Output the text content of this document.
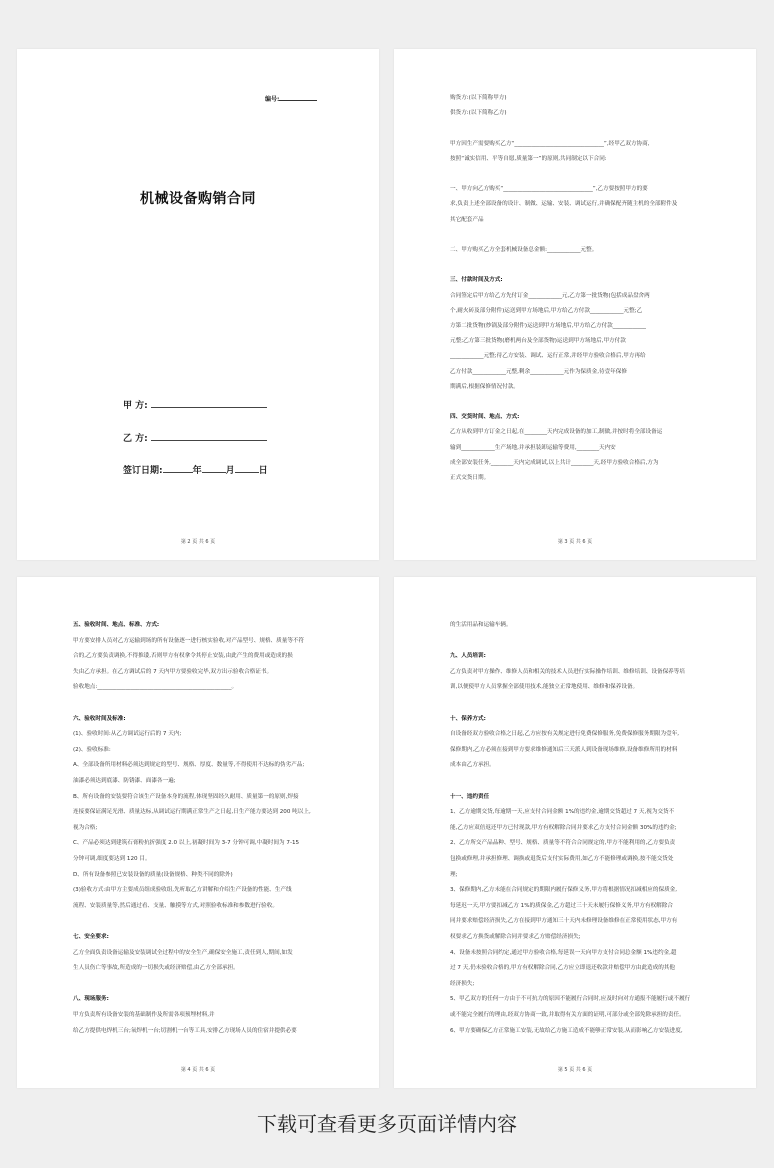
编号:
机械设备购销合同
甲 方:
乙 方:
签订日期:	年	月	日
第 2 页 共 6 页
购货方:(以下简称甲方)
供货方:(以下简称乙方)
甲方因生产需要购买乙方“________________________________”,经甲乙双方协商,
按照“诚实信用、平等自愿,质量第一”的原则,共同制定以下合同:
一、甲方向乙方购买“________________________________”,乙方要按照甲方的要
求,负责上述全部设备的设计、制做、运输、安装、调试运行,并确保配齐随主机的全部附件及
其它配套产品
二、甲方购买乙方全套机械设备总金额:____________元整。
三、付款时间及方式:
合同签定后甲方给乙方先付订金____________元,乙方第一批货物(包括成品盘舍两
个,耐火砖及部分附件)运送到甲方场地后,甲方给乙方付款____________元整;乙
方第二批货物(炒锅及部分附件)运送到甲方场地后,甲方给乙方付款____________
元整;乙方第三批货物(磨机两台及全部货物)运送到甲方场地后,甲方付款
____________元整;待乙方安装、调试、运行正常,并经甲方验收合格后,甲方再给
乙方付款____________元整,剩余____________元作为保质金,待壹年保修
期满后,根据保修情况付款。
四、交货时间、地点、方式:
乙方从收到甲方订金之日起,在________天内完成设备的加工,制做,并按时将全部设备运
输到____________生产场地,并承担装卸运输等费用,________天内安
成全部安装任务,________天内完成调试,以上共计________天,经甲方验收合格后,方为
正式交货日期。
第 3 页 共 6 页
五、验收时间、地点、标准、方式:
甲方要安排人员对乙方运输到场的所有设备逐一进行核实验收,对产品型号、规格、质量等不符
合的,乙方要负责调换,不得推诿,否则甲方有权拿令其停止安装,由此产生的费用或造成的损
失由乙方承担。在乙方调试后的 7 天内甲方要验收完毕,双方出示验收合格证书。
验收地点:________________________________________________。
六、验收时间及标准:
(1)、验收时间:从乙方调试运行后的 7 天内;
(2)、验收标准:
A、全部设备所用材料必须达到规定的型号、规格、厚度、数量等,不得使用不达标的伪劣产品;
油漆必须达到底漆、防锈漆、面漆各一遍;
B、所有设备的安装要符合该生产设备本身的流程,体现坚固经久耐用、质量第一的原则,焊接
连接要保证满足光滑、质量达标,从调试运行期满正常生产之日起,日生产能力要达到 200 吨以上,
视为合格;
C、产品必须达到建筑石膏粉抗折强度 2.0 以上,初凝时间为 3-7 分钟可调,中凝时间为 7-15
分钟可调,细度要达到 120 目。
D、所有设备参照已安装设备的质量(设备规格、种类不同的除外)
(3)验收方式:由甲方主要成员组成验收组,先听取乙方讲解和介绍生产设备的性能、生产线
流程、安装质量等,然后通过看、支量、触摸等方式,对照验收标准和参数进行验收。
七、安全要求:
乙方全面负责设备运输及安装调试全过程中的安全生产,确保安全施工,责任到人,期间,如发
生人员伤亡等事故,所造成的一切损失或经济赔偿,由乙方全部承担。
八、现场服务:
甲方负责所有设备安装的基础制作及所需各项预埋材料,并
给乙方提供电焊机三台;氧焊机一台;切割机一台等工具,安排乙方现场人员的住宿并提供必要
第 4 页 共 6 页
的生活用品和运输车辆。
九、人员培训:
乙方负责对甲方操作、维修人员和相关的技术人员进行实际操作培训、维修培训、设备保养等培
训,以便使甲方人员掌握全部使用技术,能独立正常地使用、维修和保养设备。
十、保养方式:
自设备经双方验收合格之日起,乙方应按有关规定进行免费保修服务,免费保修服务期限为壹年,
保修期内,乙方必须在接到甲方要求维修通知后三天派人到设备现场维修,设备维修所用的材料
成本由乙方承担。
十一、违约责任
1、乙方逾期交货,每逾期一天,应支付合同金额 1%的违约金,逾期交货超过 7 天,视为交货不
能,乙方应双倍返还甲方已付现款,甲方有权解除合同并要求乙方支付合同金额 30%的违约金;
2、乙方所交产品品种、型号、规格、质量等不符合合同规定的,甲方不能利用的,乙方要负责
包换或修理,并承担修理、调换或退货后支付实际费用,如乙方不能修理或调换,按不能交货处
理;
3、保修期内,乙方未能在合同规定的期限内履行保修义务,甲方将根据情况扣减相应的保质金,
每延迟一天,甲方要扣减乙方 1%的质保金,乙方超过三十天未履行保修义务,甲方有权解除合
同并要求赔偿经济损失,乙方在接到甲方通知三十天内未修理设备维修在正常使用状态,甲方有
权要求乙方换货或解除合同并要求乙方赔偿经济损失;
4、设备未按照合同约定,通过甲方验收合格,每延误一天向甲方支付合同总金额 1%违约金,超
过 7 天,仍未验收合格的,甲方有权解除合同,乙方应立即退还收款并赔偿甲方由此造成的其他
经济损失;
5、甲乙双方的任何一方由于不可抗力的原因不能履行合同时,应及时向对方通报不能履行或不履行
或不能完全履行的理由,经双方协商一致,并取得有关方面的证明,可部分或全部免除承担的责任。
6、甲方要确保乙方正常施工安装,无故给乙方施工造成不能够正常安装,从而影响乙方安装进度,
第 5 页 共 6 页
下载可查看更多页面详情内容
